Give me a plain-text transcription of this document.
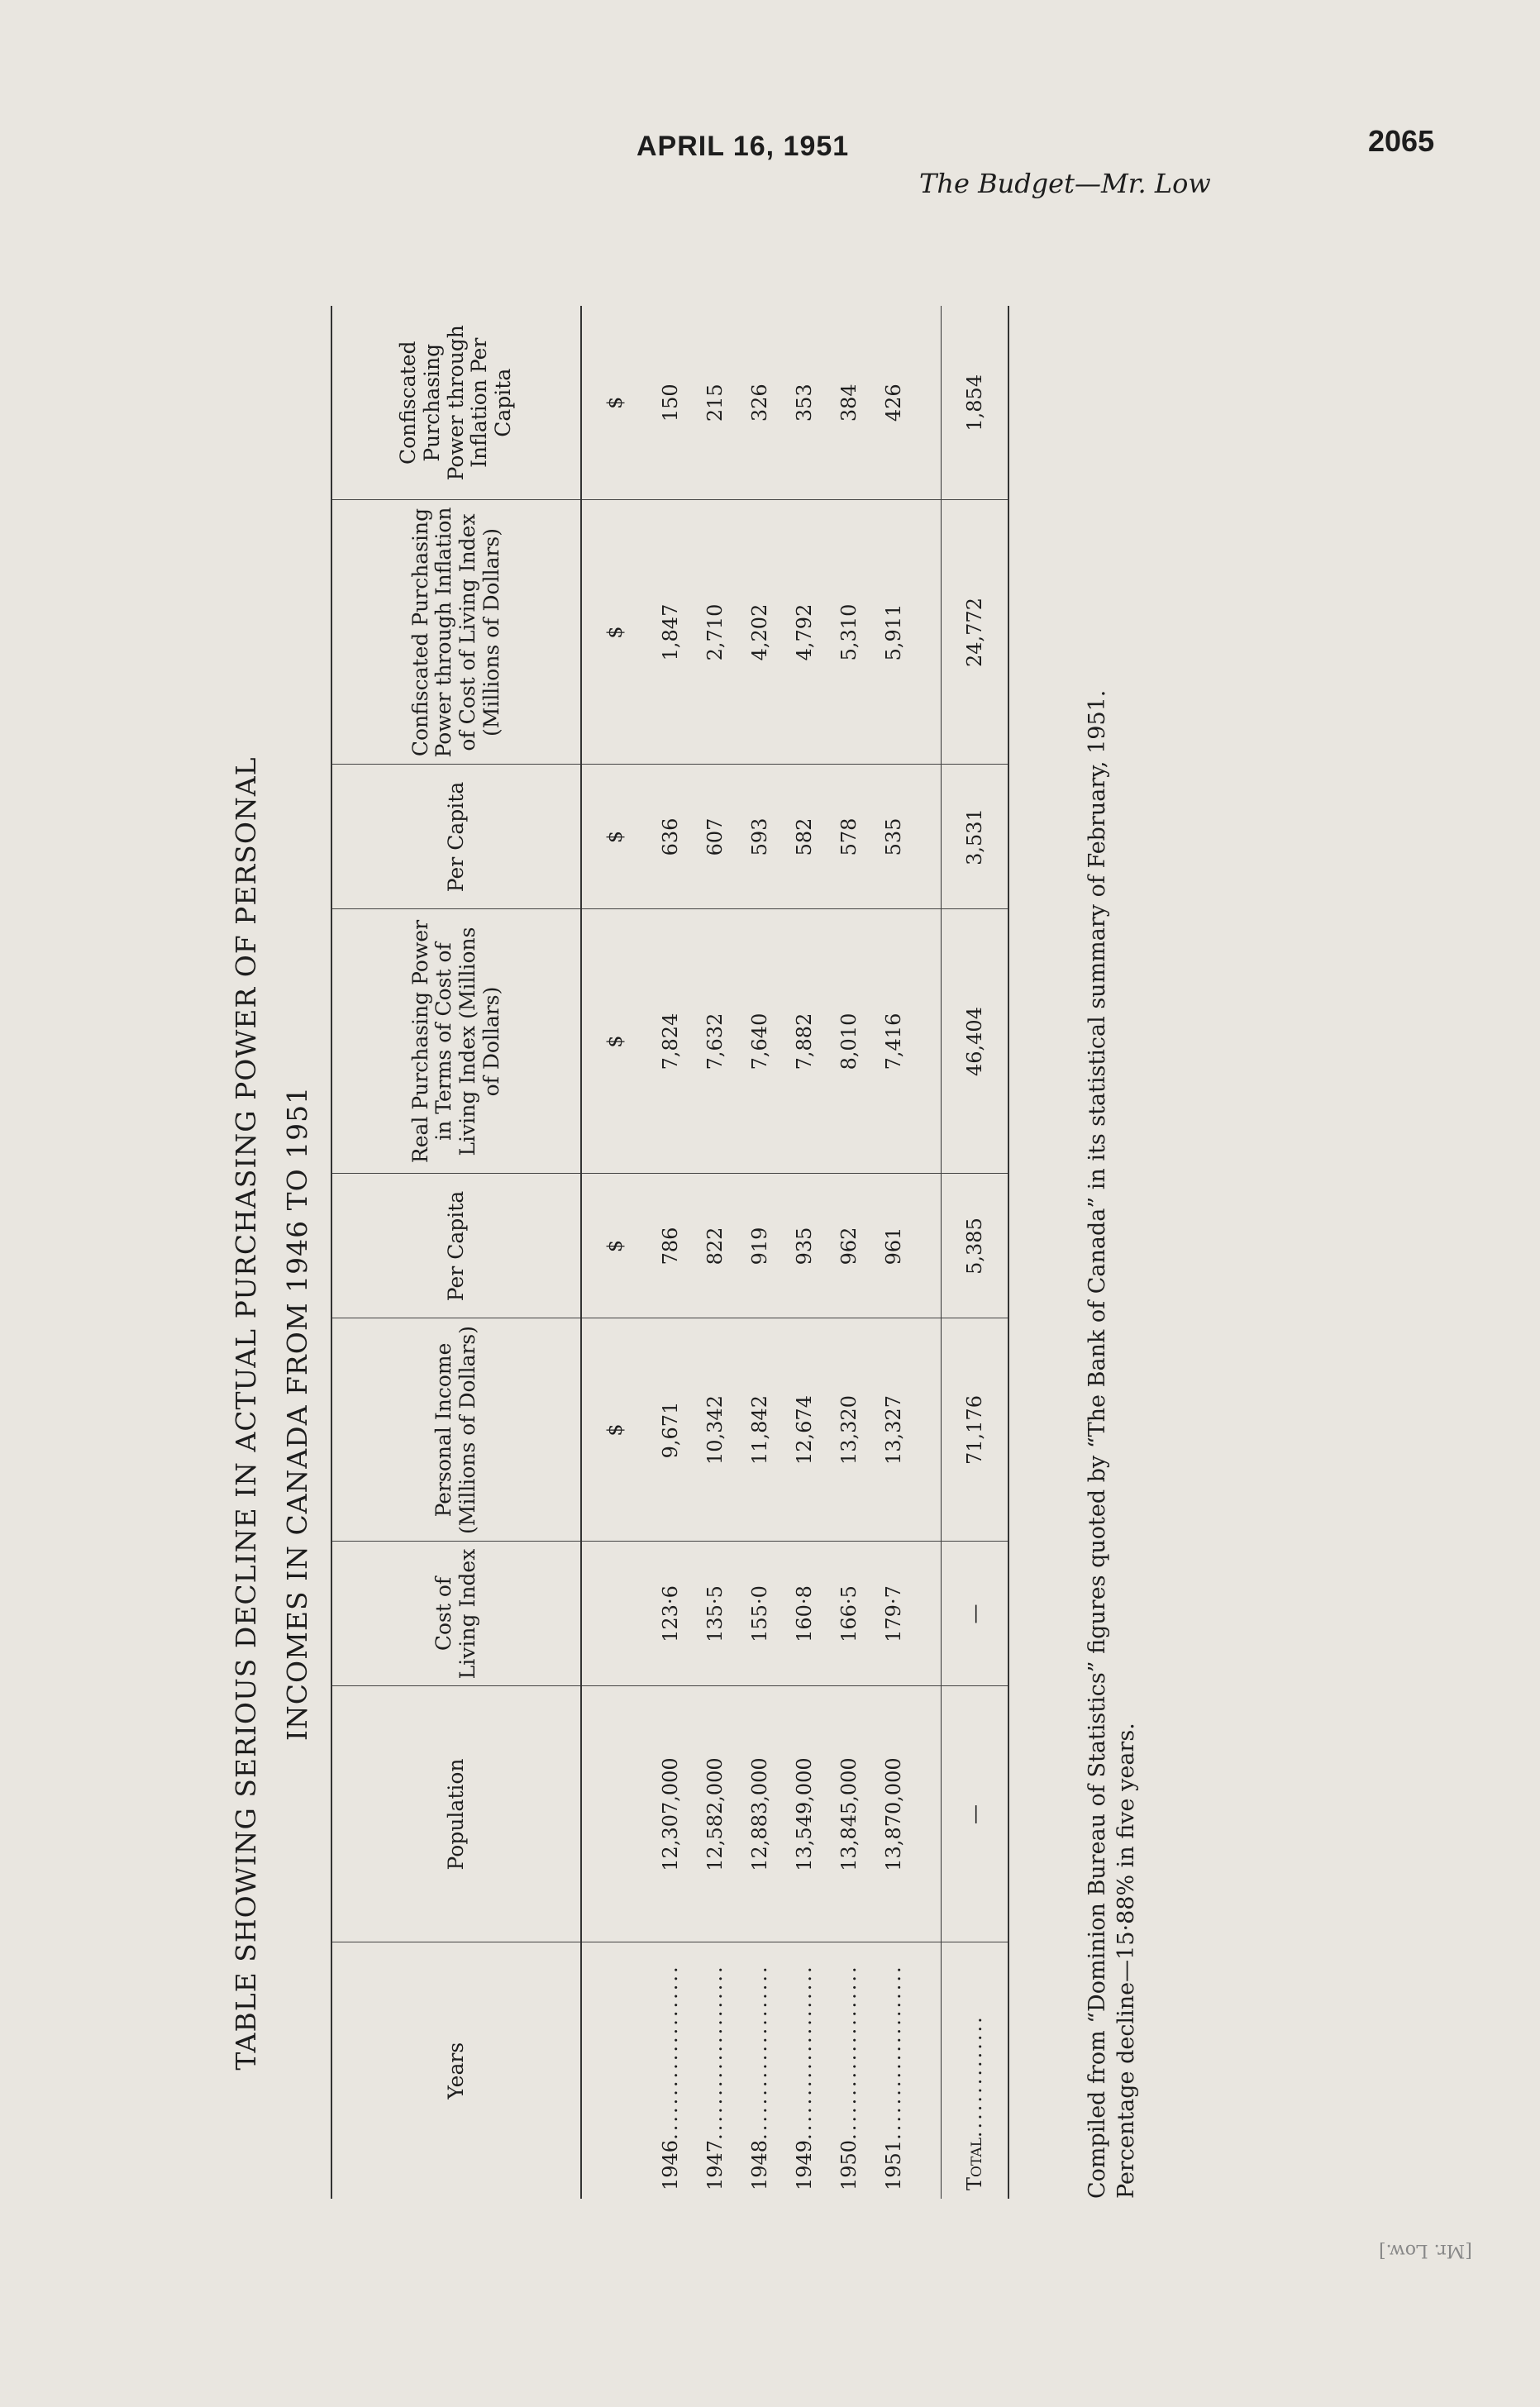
APRIL 16, 1951	2065
The Budget—Mr. Low
TABLE SHOWING SERIOUS DECLINE IN ACTUAL PURCHASING POWER OF PERSONAL INCOMES IN CANADA FROM 1946 TO 1951
Years	Population	Cost of Living Index	Personal Income (Millions of Dollars)	Per Capita	Real Purchasing Power in Terms of Cost of Living Index (Millions of Dollars)	Per Capita	Confiscated Purchasing Power through Inflation of Cost of Living Index (Millions of Dollars)	Confiscated Purchasing Power through Inflation Per Capita
			$	$	$	$	$	$
1946....................	12,307,000	123·6	9,671	786	7,824	636	1,847	150
1947....................	12,582,000	135·5	10,342	822	7,632	607	2,710	215
1948....................	12,883,000	155·0	11,842	919	7,640	593	4,202	326
1949....................	13,549,000	160·8	12,674	935	7,882	582	4,792	353
1950....................	13,845,000	166·5	13,320	962	8,010	578	5,310	384
1951....................	13,870,000	179·7	13,327	961	7,416	535	5,911	426

Total..............	—	—	71,176	5,385	46,404	3,531	24,772	1,854
Compiled from “Dominion Bureau of Statistics” figures quoted by “The Bank of Canada” in its statistical summary of February, 1951. Percentage decline—15·88% in five years.
[Mr. Low.]
